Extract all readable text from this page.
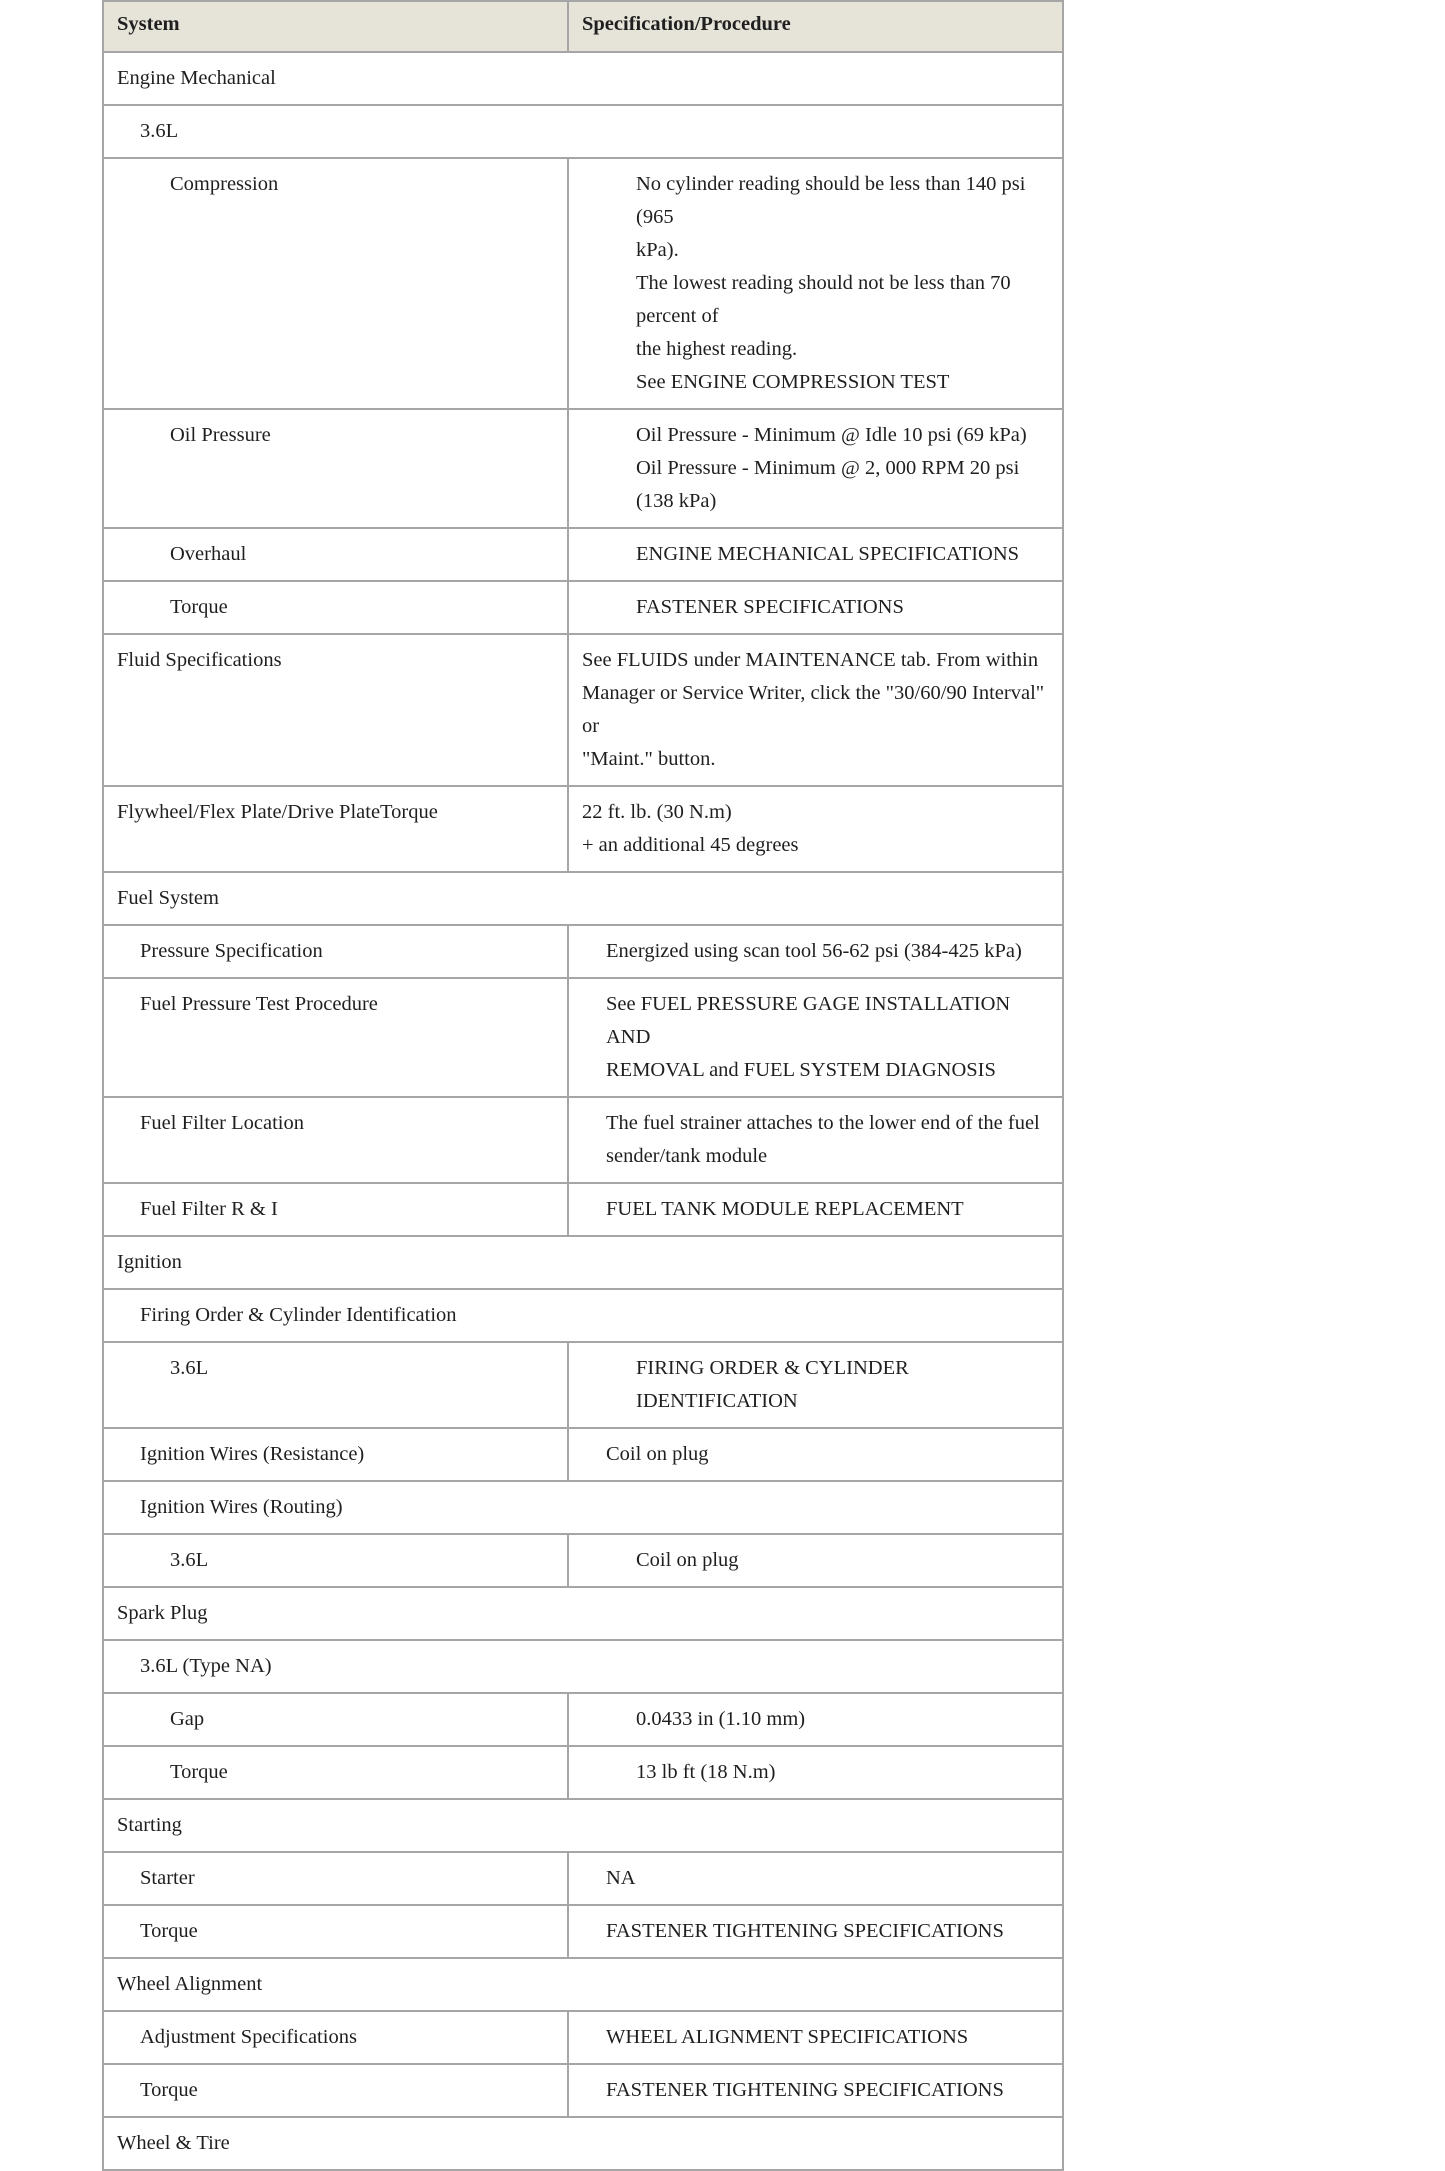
System	Specification/Procedure

Engine Mechanical	
3.6L	
Compression	No cylinder reading should be less than 140 psi (965
kPa).
The lowest reading should not be less than 70 percent of
the highest reading.
See ENGINE COMPRESSION TEST

Oil Pressure	Oil Pressure - Minimum @ Idle 10 psi (69 kPa)
Oil Pressure - Minimum @ 2, 000 RPM 20 psi (138 kPa)

Overhaul	ENGINE MECHANICAL SPECIFICATIONS

Torque	FASTENER SPECIFICATIONS

Fluid Specifications	See FLUIDS under MAINTENANCE tab. From within
Manager or Service Writer, click the "30/60/90 Interval" or
"Maint." button.

Flywheel/Flex Plate/Drive PlateTorque	22 ft. lb. (30 N.m)
+ an additional 45 degrees

Fuel System	
Pressure Specification	Energized using scan tool 56-62 psi (384-425 kPa)

Fuel Pressure Test Procedure	See FUEL PRESSURE GAGE INSTALLATION AND
REMOVAL and FUEL SYSTEM DIAGNOSIS

Fuel Filter Location	The fuel strainer attaches to the lower end of the fuel
sender/tank module

Fuel Filter R & I	FUEL TANK MODULE REPLACEMENT

Ignition	
Firing Order & Cylinder Identification	
3.6L	FIRING ORDER & CYLINDER IDENTIFICATION

Ignition Wires (Resistance)	Coil on plug

Ignition Wires (Routing)	
3.6L	Coil on plug

Spark Plug	
3.6L (Type NA)	
Gap	0.0433 in (1.10 mm)

Torque	13 lb ft (18 N.m)

Starting	
Starter	NA

Torque	FASTENER TIGHTENING SPECIFICATIONS

Wheel Alignment	
Adjustment Specifications	WHEEL ALIGNMENT SPECIFICATIONS

Torque	FASTENER TIGHTENING SPECIFICATIONS

Wheel & Tire	
